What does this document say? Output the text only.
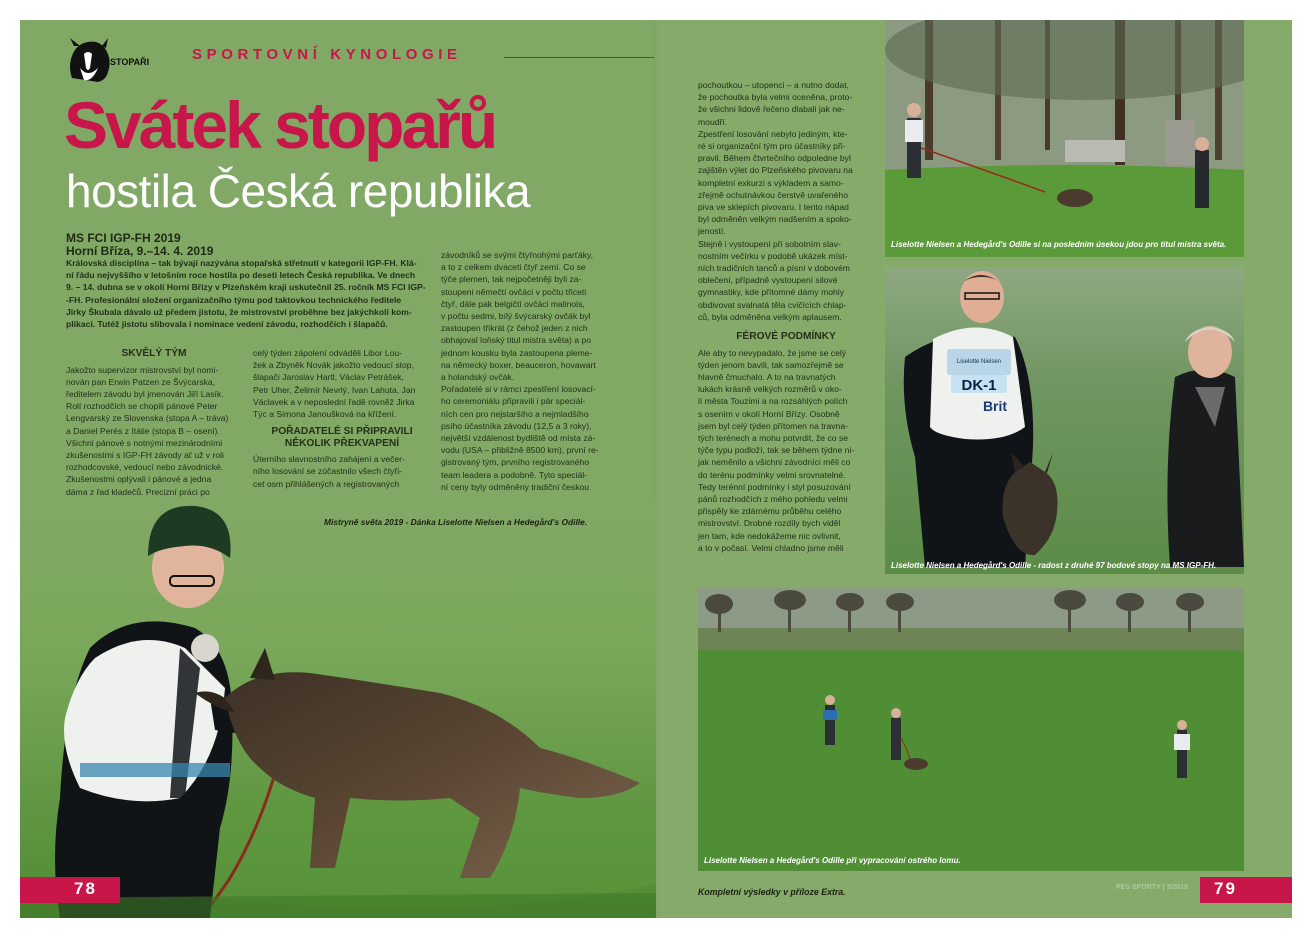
Liselotte Nielsen
DK-1
Brit
STOPAŘI	SPORTOVNÍ KYNOLOGIE
Svátek stopařů
hostila Česká republika
MS FCI IGP-FH 2019
Horní Bříza, 9.–14. 4. 2019

Královská disciplína – tak bývají nazývána stopařská střetnutí v kategorii IGP-FH. Klá-

ní řádu nejvyššího v letošním roce hostila po deseti letech Česká republika. Ve dnech

9. – 14. dubna se v okolí Horní Břízy v Plzeňském kraji uskutečnil 25. ročník MS FCI IGP-

-FH. Profesionální složení organizačního týmu pod taktovkou technického ředitele

Jirky Škubala dávalo už předem jistotu, že mistrovství proběhne bez jakýchkoli kom-

plikací. Tutéž jistotu slibovala i nominace vedení závodu, rozhodčích i šlapačů.

SKVĚLÝ TÝM

Jakožto supervizor mistrovství byl nomi-

nován pan Erwin Patzen ze Švýcarska,

ředitelem závodu byl jmenován Jiří Lasík.

Rolí rozhodčích se chopili pánové Peter

Lengvarský ze Slovenska (stopa A – tráva)

a Daniel Perés z Itálie (stopa B – osení).

Všichni pánové s notnými mezinárodními

zkušenostmi s IGP-FH závody ať už v roli

rozhodcovské, vedoucí nebo závodnické.

Zkušenostmi oplývali i pánové a jedna

dáma z řad kladečů. Precizní práci po

celý týden zápolení odváděli Libor Lou-

žek a Zbyněk Novák jakožto vedoucí stop,

šlapači Jaroslav Hartl, Václav Petrášek,

Petr Uher, Želimír Nevrlý, Ivan Lahuta, Jan

Václavek a v neposlední řadě rovněž Jirka

Týc a Simona Janoušková na křížení.

POŘADATELÉ SI PŘIPRAVILI
NĚKOLIK PŘEKVAPENÍ

Úterního slavnostního zahájení a večer-

ního losování se zúčastnilo všech čtyři-

cet osm přihlášených a registrovaných

závodníků se svými čtyřnohými parťáky,

a to z celkem dvaceti čtyř zemí. Co se

týče plemen, tak nejpočetněji byli za-

stoupeni němečtí ovčáci v počtu třiceti

čtyř, dále pak belgičtí ovčáci malinois,

v počtu sedmi, bílý švýcarský ovčák byl

zastoupen třikrát (z čehož jeden z nich

obhajoval loňský titul mistra světa) a po

jednom kousku byla zastoupena pleme-

na německý boxer, beauceron, hovawart

a holandský ovčák.

Pořadatelé si v rámci zpestření losovací-

ho ceremoniálu připravili i pár speciál-

ních cen pro nejstaršího a nejmladšího

psího účastníka závodu (12,5 a 3 roky),

největší vzdálenost bydliště od místa zá-

vodu (USA – přibližně 8500 km), první re-

gistrovaný tým, prvního registrovaného

team leadera a podobně. Tyto speciál-

ní ceny byly odměněny tradiční českou

pochoutkou – utopenci – a nutno dodat,

že pochoutka byla velmi oceněna, proto-

že všichni lidově řečeno dlabali jak ne-

moudří.

Zpestření losování nebylo jediným, kte-

ré si organizační tým pro účastníky při-

pravil. Během čtvrtečního odpoledne byl

zajištěn výlet do Plzeňského pivovaru na

kompletní exkurzi s výkladem a samo-

zřejmě ochutnávkou čerstvě uvařeného

piva ve sklepích pivovaru. I tento nápad

byl odměněn velkým nadšením a spoko-

jeností.

Stejně i vystoupení při sobotním slav-

nostním večírku v podobě ukázek míst-

ních tradičních tanců a písní v dobovém

oblečení, případně vystoupení silové

gymnastiky, kde přítomné dámy mohly

obdivovat svalnatá těla cvičících chlap-

ců, byla odměněna velkým aplausem.

FÉROVÉ PODMÍNKY

Ale aby to nevypadalo, že jsme se celý

týden jenom bavili, tak samozřejmě se

hlavně čmuchalo. A to na travnatých

lukách krásně velkých rozměrů v oko-

lí města Touzimi a na rozsáhlých polích

s osením v okolí Horní Břízy. Osobně

jsem byl celý týden přítomen na travna-

tých terénech a mohu potvrdit, že co se

týče typu podloží, tak se během týdne ni-

jak neměnilo a všichni závodníci měli co

do terénu podmínky velmi srovnatelné.

Tedy terénní podmínky i styl posuzování

pánů rozhodčích z mého pohledu velmi

přispěly ke zdárnému průběhu celého

mistrovství. Drobné rozdíly bych viděl

jen tam, kde nedokážeme nic ovlivnit,

a to v počasí. Velmi chladno jsme měli

Mistryně světa 2019 - Dánka Liselotte Nielsen a Hedegård's Odille.
Liselotte Nielsen a Hedegård's Odille si na posledním úsekou jdou pro titul mistra světa.
Liselotte Nielsen a Hedegård's Odille - radost z druhé 97 bodové stopy na MS IGP-FH.
Liselotte Nielsen a Hedegård's Odille při vypracování ostrého lomu.
78	79
PES SPORTY | 3/2019
Kompletní výsledky v příloze Extra.
